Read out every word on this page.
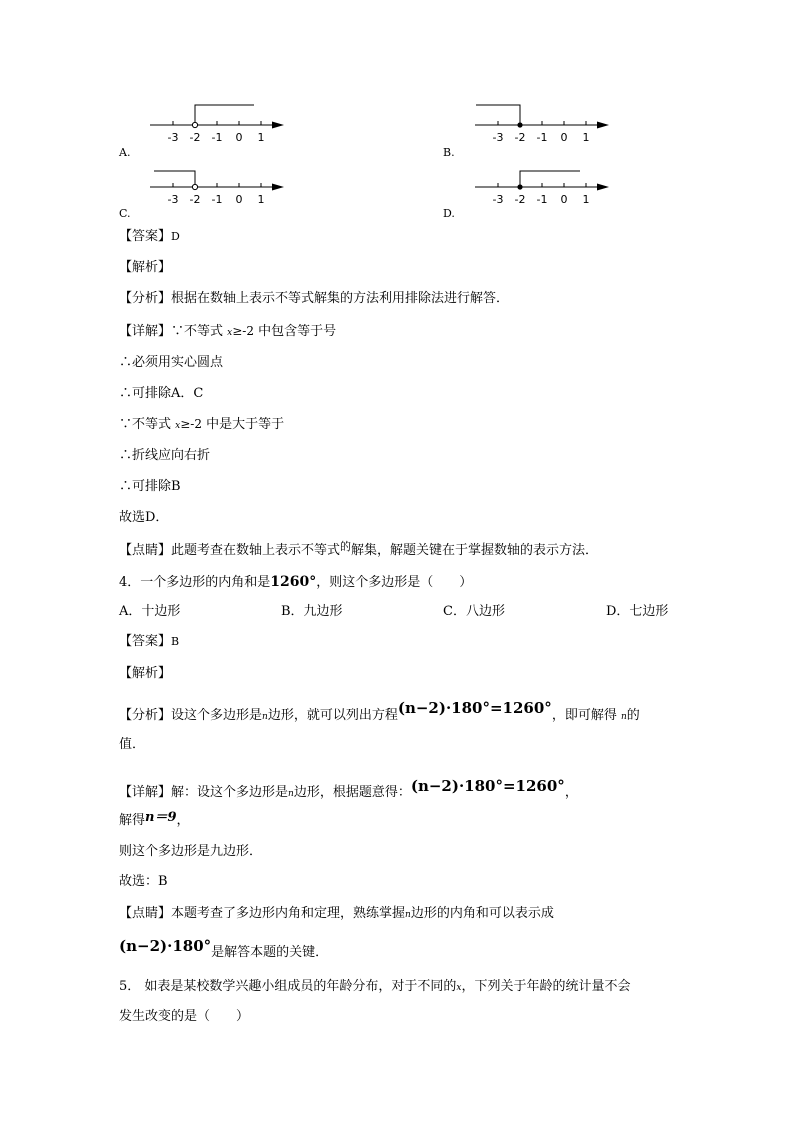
-3 -2 -1 0 1
A.
-3 -2 -1 0 1
B.
-3 -2 -1 0 1
C.
-3 -2 -1 0 1
D.
【答案】D
【解析】
【分析】根据在数轴上表示不等式解集的方法利用排除法进行解答．
【详解】∵不等式 x≥-2 中包含等于号
∴必须用实心圆点
∴可排除A．C
∵不等式 x≥-2 中是大于等于
∴折线应向右折
∴可排除B
故选D．
【点睛】此题考查在数轴上表示不等式$^的$解集，解题关键在于掌握数轴的表示方法．
4．一个多边形的内角和是1260°，则这个多边形是（　　）
A．十边形	B．九边形	C．八边形	D．七边形
【答案】B
【解析】
【分析】设这个多边形是n边形，就可以列出方程(n−2)·180°=1260°，即可解得 n的
值．
【详解】解：设这个多边形是n边形，根据题意得：(n−2)·180°=1260°，
解得n＝9，
则这个多边形是九边形．
故选：B
【点睛】本题考查了多边形内角和定理，熟练掌握n边形的内角和可以表示成
(n−2)·180°是解答本题的关键．
5． 如表是某校数学兴趣小组成员的年龄分布，对于不同的x，下列关于年龄的统计量不会
发生改变的是（　　）
